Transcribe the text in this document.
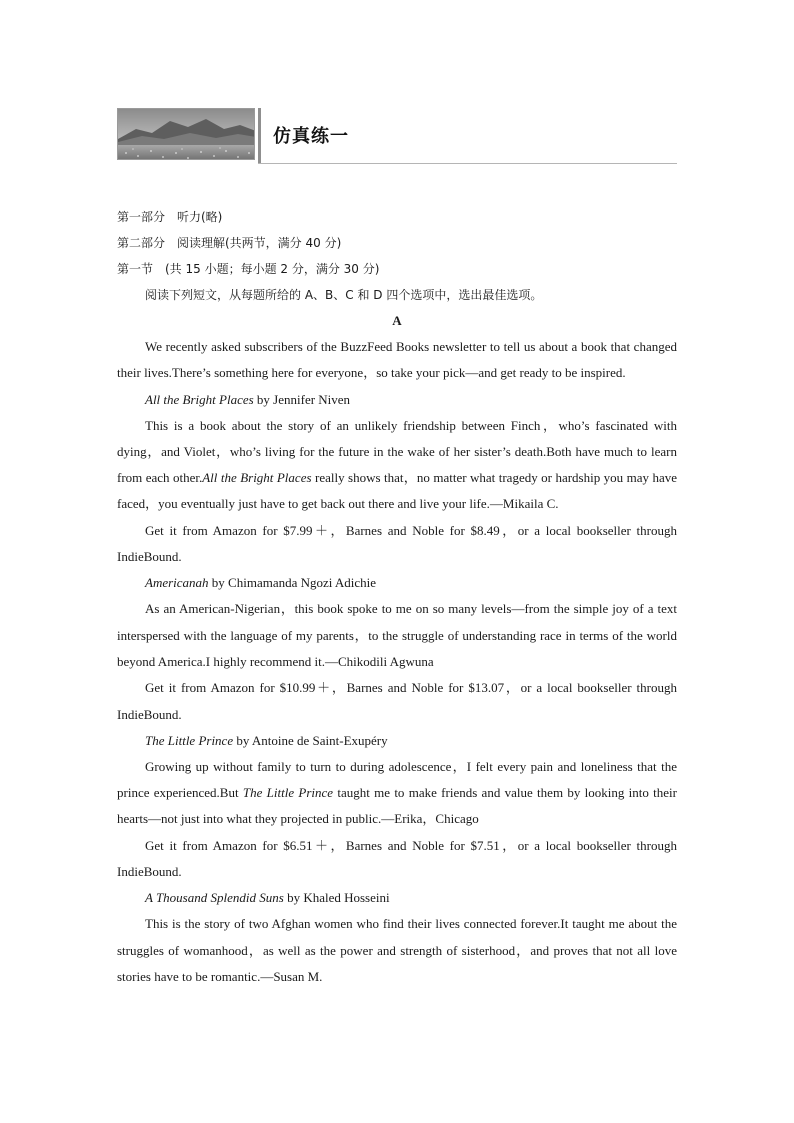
仿真练一
第一部分　听力(略)
第二部分　阅读理解(共两节，满分 40 分)
第一节　(共 15 小题；每小题 2 分，满分 30 分)
阅读下列短文，从每题所给的 A、B、C 和 D 四个选项中，选出最佳选项。
A

We recently asked subscribers of the BuzzFeed Books newsletter to tell us about a book that changed their lives.There’s something here for everyone，so take your pick—and get ready to be inspired.

All the Bright Places by Jennifer Niven

This is a book about the story of an unlikely friendship between Finch，who’s fascinated with dying，and Violet，who’s living for the future in the wake of her sister’s death.Both have much to learn from each other.All the Bright Places really shows that，no matter what tragedy or hardship you may have faced，you eventually just have to get back out there and live your life.—Mikaila C.

Get it from Amazon for $7.99＋，Barnes and Noble for $8.49，or a local bookseller through IndieBound.

Americanah by Chimamanda Ngozi Adichie

As an American-Nigerian，this book spoke to me on so many levels—from the simple joy of a text interspersed with the language of my parents，to the struggle of understanding race in terms of the world beyond America.I highly recommend it.—Chikodili Agwuna

Get it from Amazon for $10.99＋，Barnes and Noble for $13.07，or a local bookseller through IndieBound.

The Little Prince by Antoine de Saint-Exupéry

Growing up without family to turn to during adolescence，I felt every pain and loneliness that the prince experienced.But The Little Prince taught me to make friends and value them by looking into their hearts—not just into what they projected in public.—Erika，Chicago

Get it from Amazon for $6.51＋，Barnes and Noble for $7.51，or a local bookseller through IndieBound.

A Thousand Splendid Suns by Khaled Hosseini

This is the story of two Afghan women who find their lives connected forever.It taught me about the struggles of womanhood，as well as the power and strength of sisterhood，and proves that not all love stories have to be romantic.—Susan M.
